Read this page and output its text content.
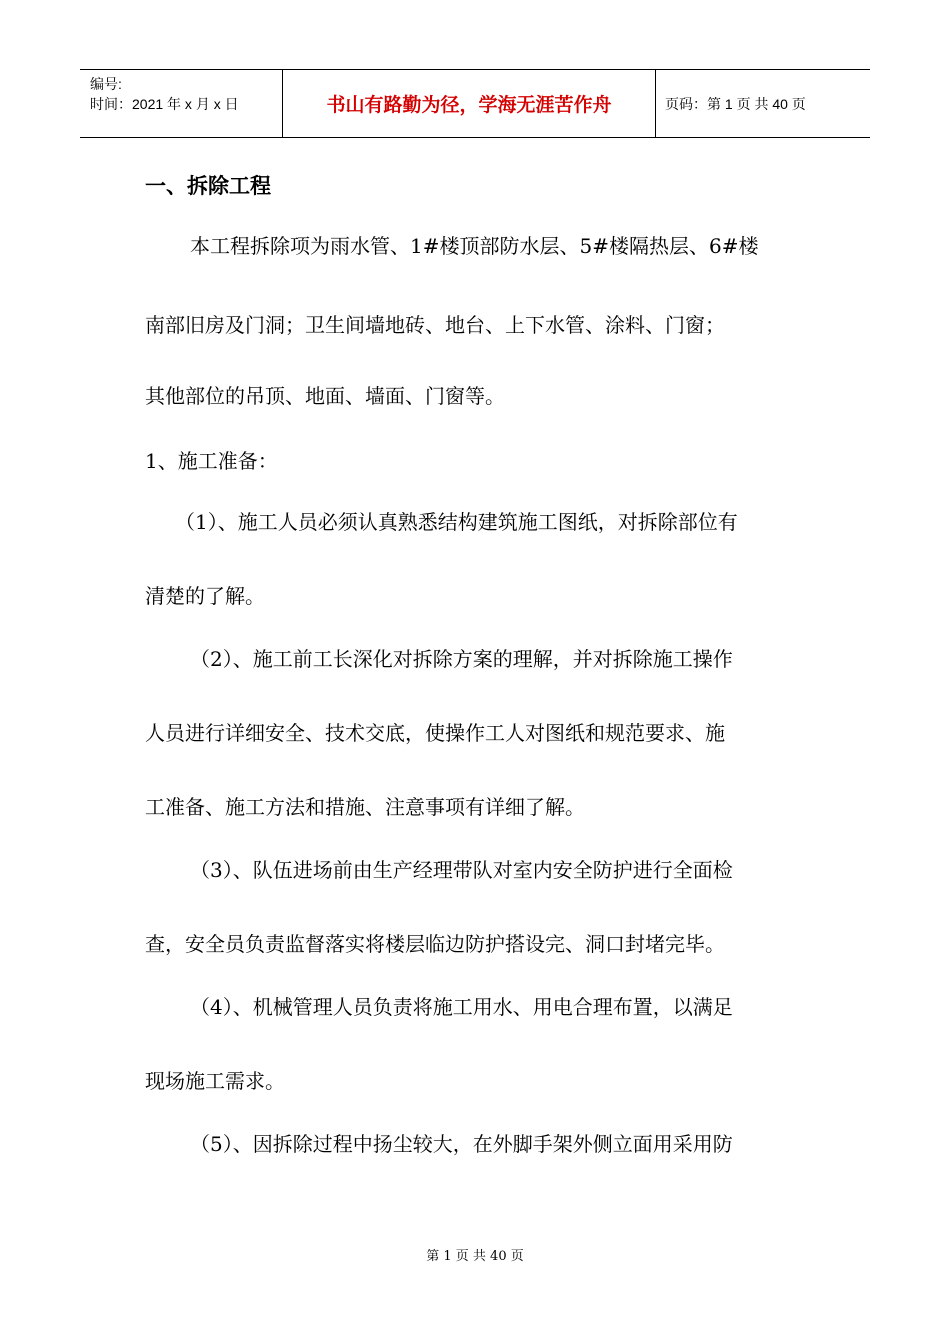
编号:
时间：2021 年 x 月 x 日	书山有路勤为径，学海无涯苦作舟	页码：第 1 页 共 40 页
一、拆除工程
本工程拆除项为雨水管、1#楼顶部防水层、5#楼隔热层、6#楼
南部旧房及门洞；卫生间墙地砖、地台、上下水管、涂料、门窗；
其他部位的吊顶、地面、墙面、门窗等。
1、施工准备：
（1）、施工人员必须认真熟悉结构建筑施工图纸，对拆除部位有
清楚的了解。
（2）、施工前工长深化对拆除方案的理解，并对拆除施工操作
人员进行详细安全、技术交底，使操作工人对图纸和规范要求、施
工准备、施工方法和措施、注意事项有详细了解。
（3）、队伍进场前由生产经理带队对室内安全防护进行全面检
查，安全员负责监督落实将楼层临边防护搭设完、洞口封堵完毕。
（4）、机械管理人员负责将施工用水、用电合理布置，以满足
现场施工需求。
（5）、因拆除过程中扬尘较大，在外脚手架外侧立面用采用防
第 1 页 共 40 页
